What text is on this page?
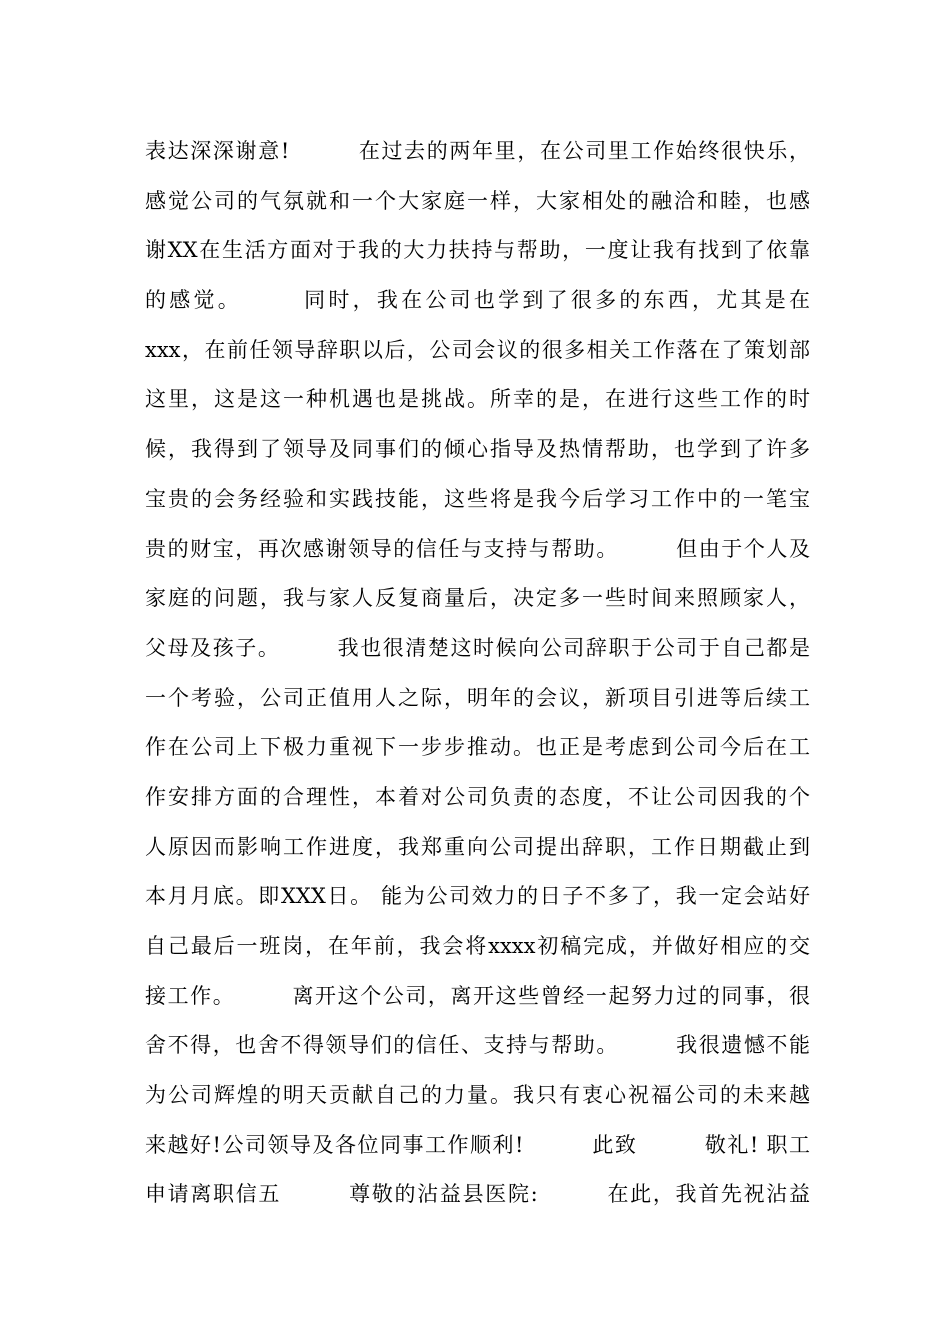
表达深深谢意!　　　在过去的两年里，在公司里工作始终很快乐，
感觉公司的气氛就和一个大家庭一样，大家相处的融洽和睦，也感
谢XX在生活方面对于我的大力扶持与帮助，一度让我有找到了依靠
的感觉。　　　同时，我在公司也学到了很多的东西，尤其是在
xxx，在前任领导辞职以后，公司会议的很多相关工作落在了策划部
这里，这是这一种机遇也是挑战。所幸的是，在进行这些工作的时
候，我得到了领导及同事们的倾心指导及热情帮助，也学到了许多
宝贵的会务经验和实践技能，这些将是我今后学习工作中的一笔宝
贵的财宝，再次感谢领导的信任与支持与帮助。　　　但由于个人及
家庭的问题，我与家人反复商量后，决定多一些时间来照顾家人，
父母及孩子。　　　我也很清楚这时候向公司辞职于公司于自己都是
一个考验，公司正值用人之际，明年的会议，新项目引进等后续工
作在公司上下极力重视下一步步推动。也正是考虑到公司今后在工
作安排方面的合理性，本着对公司负责的态度，不让公司因我的个
人原因而影响工作进度，我郑重向公司提出辞职，工作日期截止到
本月月底。即XXX日。 能为公司效力的日子不多了，我一定会站好
自己最后一班岗，在年前，我会将xxxx初稿完成，并做好相应的交
接工作。　　　离开这个公司，离开这些曾经一起努力过的同事，很
舍不得，也舍不得领导们的信任、支持与帮助。　　　我很遗憾不能
为公司辉煌的明天贡献自己的力量。我只有衷心祝福公司的未来越
来越好!公司领导及各位同事工作顺利!　　　此致　　　敬礼! 职工
申请离职信五　　　尊敬的沾益县医院:　　　在此，我首先祝沾益
